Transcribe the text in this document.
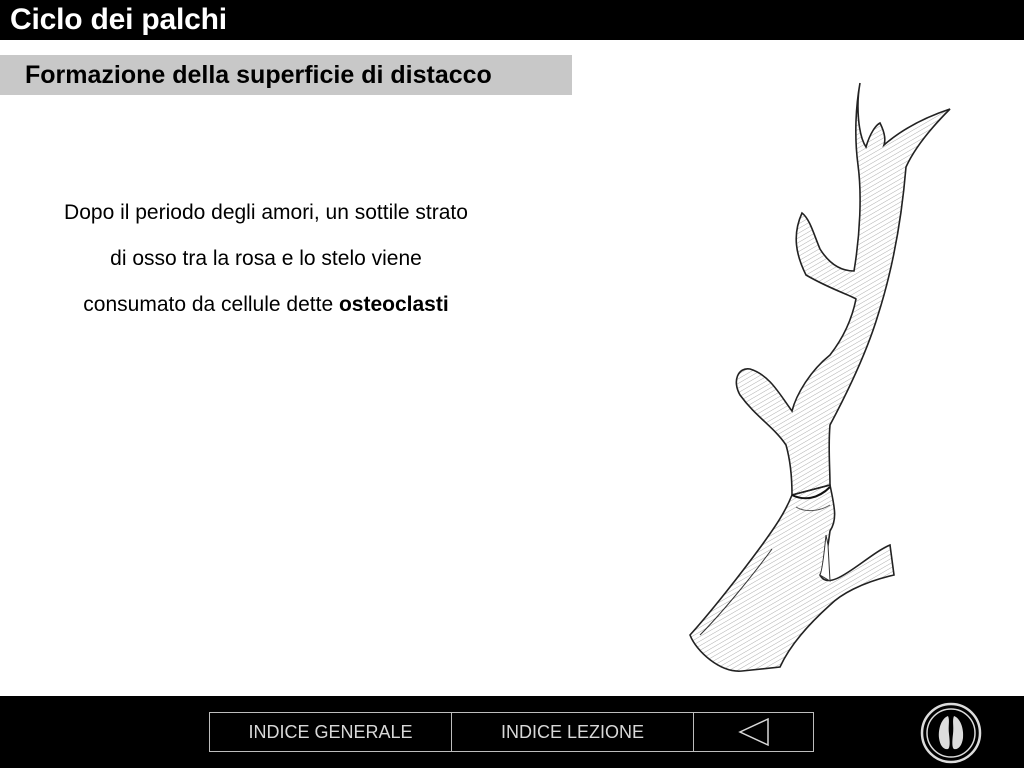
Ciclo dei palchi
Formazione della superficie di distacco
Dopo il periodo degli amori, un sottile strato di osso tra la rosa e lo stelo viene consumato da cellule dette osteoclasti
INDICE GENERALE	INDICE LEZIONE
